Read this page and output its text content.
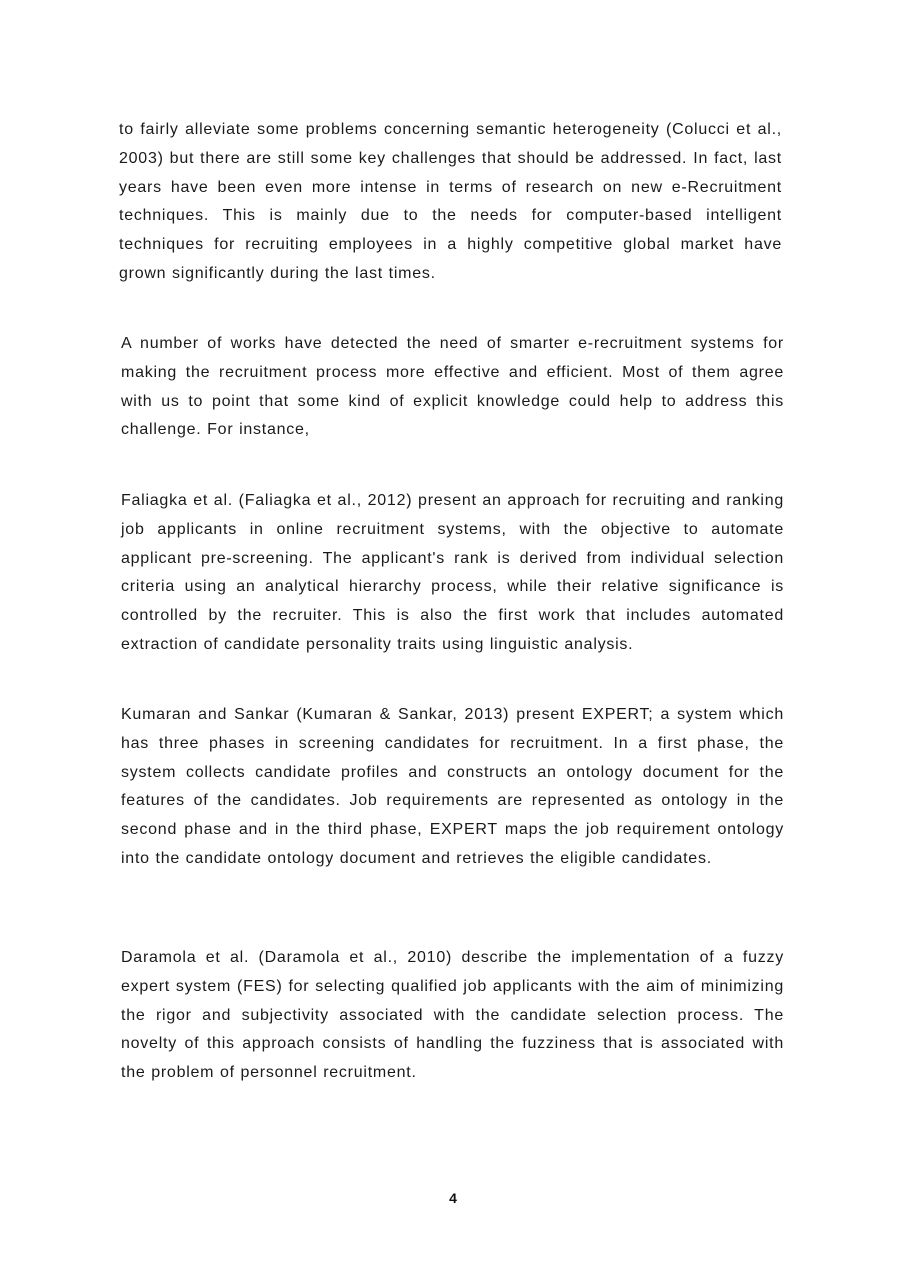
to fairly alleviate some problems concerning semantic heterogeneity (Colucci et al., 2003) but there are still some key challenges that should be addressed. In fact, last years have been even more intense in terms of research on new e-Recruitment techniques. This is mainly due to the needs for computer-based intelligent techniques for recruiting employees in a highly competitive global market have grown significantly during the last times.

A number of works have detected the need of smarter e-recruitment systems for making the recruitment process more effective and efficient. Most of them agree with us to point that some kind of explicit knowledge could help to address this challenge. For instance,

Faliagka et al. (Faliagka et al., 2012) present an approach for recruiting and ranking job applicants in online recruitment systems, with the objective to automate applicant pre-screening. The applicant's rank is derived from individual selection criteria using an analytical hierarchy process, while their relative significance is controlled by the recruiter. This is also the first work that includes automated extraction of candidate personality traits using linguistic analysis.

Kumaran and Sankar (Kumaran & Sankar, 2013) present EXPERT; a system which has three phases in screening candidates for recruitment. In a first phase, the system collects candidate profiles and constructs an ontology document for the features of the candidates. Job requirements are represented as ontology in the second phase and in the third phase, EXPERT maps the job requirement ontology into the candidate ontology document and retrieves the eligible candidates.

Daramola et al. (Daramola et al., 2010) describe the implementation of a fuzzy expert system (FES) for selecting qualified job applicants with the aim of minimizing the rigor and subjectivity associated with the candidate selection process. The novelty of this approach consists of handling the fuzziness that is associated with the problem of personnel recruitment.

4
